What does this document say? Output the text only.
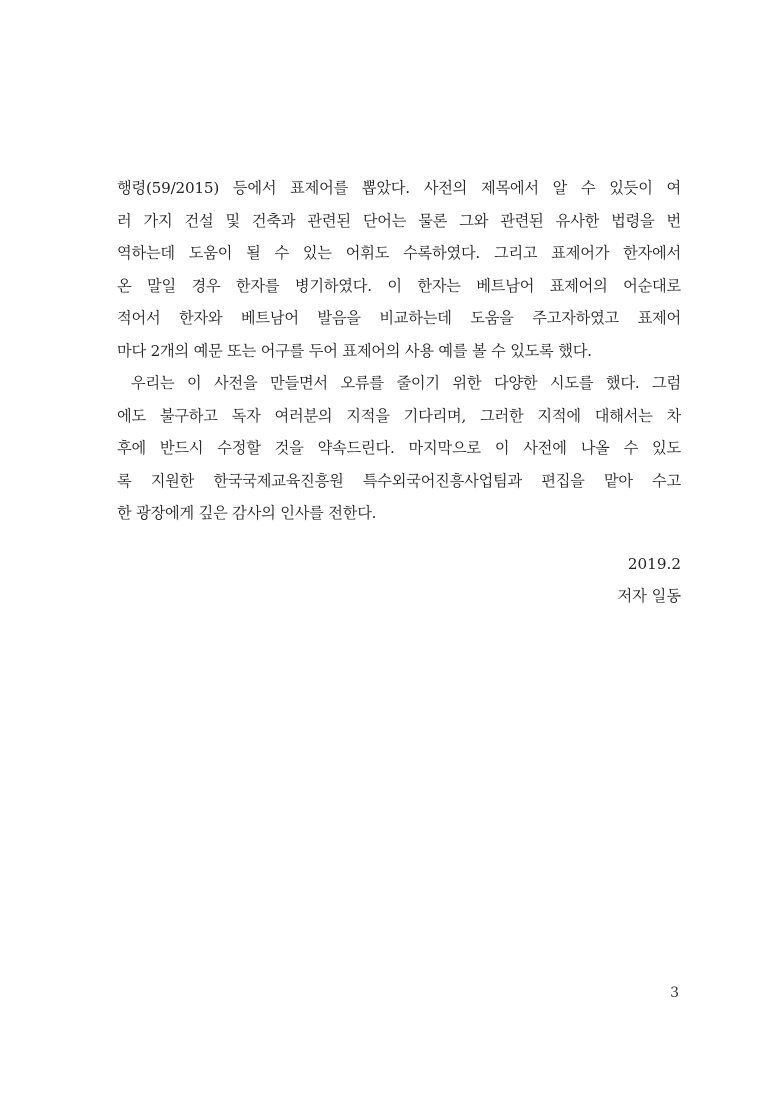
행령(59/2015) 등에서 표제어를 뽑았다. 사전의 제목에서 알 수 있듯이 여
러 가지 건설 및 건축과 관련된 단어는 물론 그와 관련된 유사한 법령을 번
역하는데 도움이 될 수 있는 어휘도 수록하였다. 그리고 표제어가 한자에서
온 말일 경우 한자를 병기하였다. 이 한자는 베트남어 표제어의 어순대로
적어서 한자와 베트남어 발음을 비교하는데 도움을 주고자하였고 표제어
마다 2개의 예문 또는 어구를 두어 표제어의 사용 예를 볼 수 있도록 했다.
우리는 이 사전을 만들면서 오류를 줄이기 위한 다양한 시도를 했다. 그럼
에도 불구하고 독자 여러분의 지적을 기다리며, 그러한 지적에 대해서는 차
후에 반드시 수정할 것을 약속드린다. 마지막으로 이 사전에 나올 수 있도
록 지원한 한국국제교육진흥원 특수외국어진흥사업팀과 편집을 맡아 수고
한 광장에게 깊은 감사의 인사를 전한다.
2019.2
저자 일동
3
